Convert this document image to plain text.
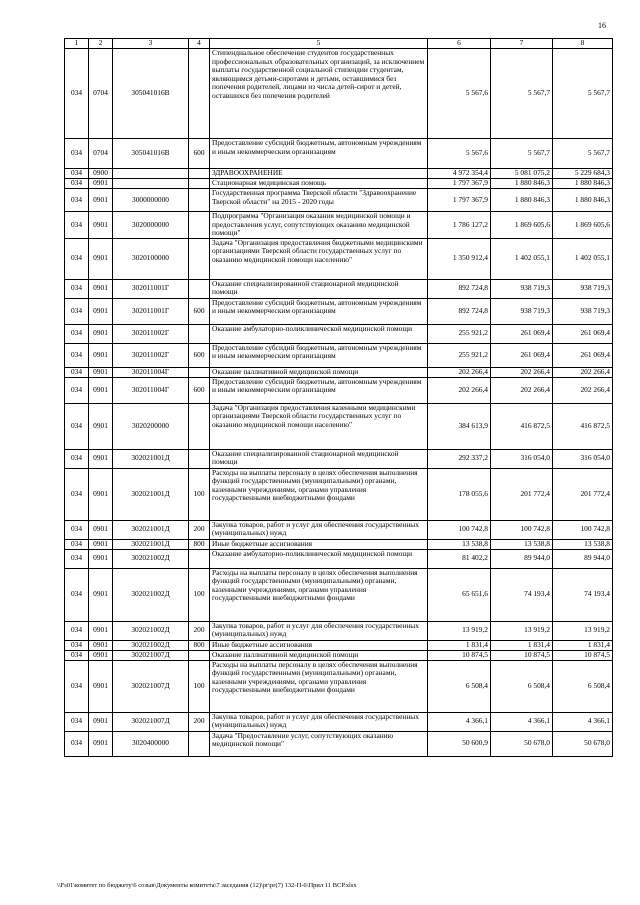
16
1	2	3	4	5	6	7	8
034	0704	305041016В		Стипендиальное обеспечение студентов государственных профессиональных образовательных организаций, за исключением выплаты государственной социальной стипендии студентам, являющимся детьми-сиротами и детьми, оставшимися без попечения родителей, лицами из числа детей-сирот и детей, оставшихся без попечения родителей	5 567,6	5 567,7	5 567,7
034	0704	305041016В	600	Предоставление субсидий бюджетным, автономным учреждениям и иным некоммерческим организациям	5 567,6	5 567,7	5 567,7
034	0900			ЗДРАВООХРАНЕНИЕ	4 972 354,4	5 081 075,2	5 229 684,3
034	0901			Стационарная медицинская помощь	1 797 367,9	1 880 846,3	1 880 846,3
034	0901	3000000000		Государственная программа Тверской области "Здравоохранение Тверской области" на 2015 - 2020 годы	1 797 367,9	1 880 846,3	1 880 846,3
034	0901	3020000000		Подпрограмма "Организация оказания медицинской помощи и предоставления услуг, сопутствующих оказанию медицинской помощи"	1 786 127,2	1 869 605,6	1 869 605,6
034	0901	3020100000		Задача "Организация предоставления бюджетными медицинскими организациями Тверской области государственных услуг по оказанию медицинской помощи населению"	1 350 912,4	1 402 055,1	1 402 055,1
034	0901	302011001Г		Оказание специализированной стационарной медицинской помощи	892 724,8	938 719,3	938 719,3
034	0901	302011001Г	600	Предоставление субсидий бюджетным, автономным учреждениям и иным некоммерческим организациям	892 724,8	938 719,3	938 719,3
034	0901	302011002Г		Оказание амбулаторно-поликлинической медицинской помощи	255 921,2	261 069,4	261 069,4
034	0901	302011002Г	600	Предоставление субсидий бюджетным, автономным учреждениям и иным некоммерческим организациям	255 921,2	261 069,4	261 069,4
034	0901	302011004Г		Оказание паллиативной медицинской помощи	202 266,4	202 266,4	202 266,4
034	0901	302011004Г	600	Предоставление субсидий бюджетным, автономным учреждениям и иным некоммерческим организациям	202 266,4	202 266,4	202 266,4
034	0901	3020200000		Задача "Организация предоставления казенными медицинскими организациями Тверской области государственных услуг по оказанию медицинской помощи населению"	384 613,9	416 872,5	416 872,5
034	0901	302021001Д		Оказание специализированной стационарной медицинской помощи	292 337,2	316 054,0	316 054,0
034	0901	302021001Д	100	Расходы на выплаты персоналу в целях обеспечения выполнения функций государственными (муниципальными) органами, казенными учреждениями, органами управления государственными внебюджетными фондами	178 055,6	201 772,4	201 772,4
034	0901	302021001Д	200	Закупка товаров, работ и услуг для обеспечения государственных (муниципальных) нужд	100 742,8	100 742,8	100 742,8
034	0901	302021001Д	800	Иные бюджетные ассигнования	13 538,8	13 538,8	13 538,8
034	0901	302021002Д		Оказание амбулаторно-поликлинической медицинской помощи	81 402,2	89 944,0	89 944,0
034	0901	302021002Д	100	Расходы на выплаты персоналу в целях обеспечения выполнения функций государственными (муниципальными) органами, казенными учреждениями, органами управления государственными внебюджетными фондами	65 651,6	74 193,4	74 193,4
034	0901	302021002Д	200	Закупка товаров, работ и услуг для обеспечения государственных (муниципальных) нужд	13 919,2	13 919,2	13 919,2
034	0901	302021002Д	800	Иные бюджетные ассигнования	1 831,4	1 831,4	1 831,4
034	0901	302021007Д		Оказание паллиативной медицинской помощи	10 874,5	10 874,5	10 874,5
034	0901	302021007Д	100	Расходы на выплаты персоналу в целях обеспечения выполнения функций государственными (муниципальными) органами, казенными учреждениями, органами управления государственными внебюджетными фондами	6 508,4	6 508,4	6 508,4
034	0901	302021007Д	200	Закупка товаров, работ и услуг для обеспечения государственных (муниципальных) нужд	4 366,1	4 366,1	4 366,1
034	0901	3020400000		Задача "Предоставление услуг, сопутствующих оказанию медицинской помощи"	50 600,9	50 678,0	50 678,0
\\Fs01\комитет по бюджету\6 созыв\Документы комитета\7 заседания (12)\pr\pr(7) 132-П-6\Прил 11 ВСР.xlsx
